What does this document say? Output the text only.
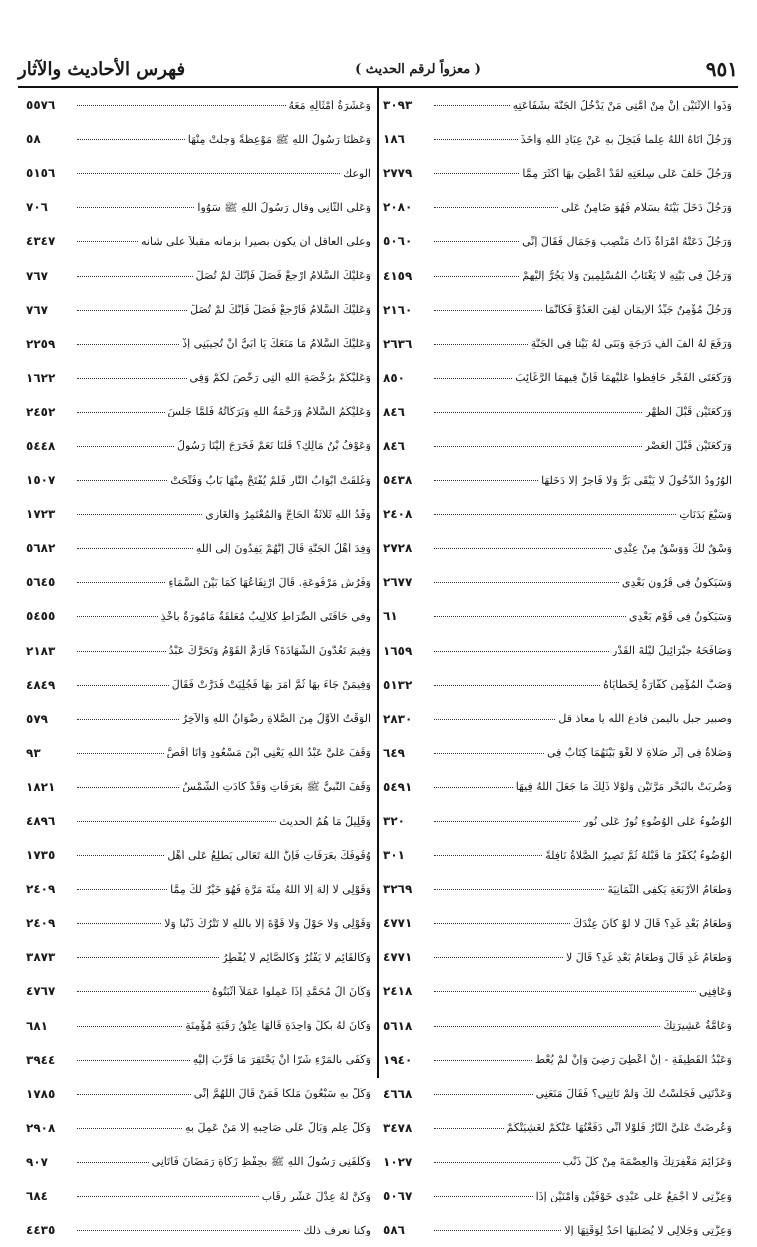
٩٥١
( معزواً لرقم الحديث )
فهرس الأحاديث والآثار
وَذَوا الإثْنَيْنِ إنْ مِنْ أُمَّتِي مَنْ يَدْخُلُ الْجَنَّةَ بِشَفَاعَتِهِ
٣٠٩٣
وَرَجُلٌ آتَاهُ اللَّهُ عِلْماً فَبَخِلَ بِهِ عَنْ عِبَادِ اللَّهِ وَأَخَذَ
١٨٦
وَرَجُلٌ حَلَفَ عَلَى سِلْعَتِهِ لَقَدْ أُعْطِيَ بِهَا أَكْثَرَ مِمَّا
٢٧٧٩
وَرَجُلٌ دَخَلَ بَيْتَهُ بِسَلامٍ فَهُوَ ضَامِنٌ عَلَى
٢٠٨٠
وَرَجُلٌ دَعَتْهُ امْرَأَةٌ ذَاتُ مَنْصِبٍ وَجَمَالٍ فَقَالَ إِنِّي
٥٠٦٠
وَرَجُلٌ فِي بَيْتِهِ لا يَغْتَابُ الْمُسْلِمِينَ وَلا يَجُرُّ إِلَيْهِمْ
٤١٥٩
وَرَجُلٌ مُؤْمِنٌ جَيِّدُ الإِيمَانِ لَقِيَ الْعَدُوَّ فَكَأَنَّمَا
٢١٦٠
وَرَفَعَ لَهُ أَلْفَ أَلْفِ دَرَجَةٍ وَبَنَى لَهُ بَيْتاً فِي الْجَنَّةِ
٢٦٣٦
وَرَكْعَتَي الْفَجْرِ حَافِظُوا عَلَيْهِمَا فَإِنَّ فِيهِمَا الرَّغَائِبَ
٨٥٠
وَرَكْعَتَيْنِ قَبْلَ الظُّهْرِ
٨٤٦
وَرَكْعَتَيْنِ قَبْلَ الْعَصْرِ
٨٤٦
الوُرُودُ الدُّخُولُ لا يَبْقَى بَرٌّ وَلا فَاجِرٌ إِلا دَخَلَهَا
٥٤٣٨
وَسَبْعَ بَدَنَاتٍ
٢٤٠٨
وَسْقٌ لَكَ وَوَسْقٌ مِنْ عِنْدِي
٢٧٢٨
وَسَيَكُونُ فِي قُرُونٍ بَعْدِي
٢٦٧٧
وَسَيَكُونُ فِي قَوْمٍ بَعْدِي
٦١
وَصَافَحَهُ جِبْرَائِيلُ لَيْلَةَ الْقَدْرِ
١٦٥٩
وَصَبُّ الْمُؤْمِنِ كَفَّارَةٌ لِخَطَايَاهُ
٥١٣٢
وصبير جبل باليمن فادع الله يا معاذ قل
٢٨٣٠
وَصَلاةٌ فِي إِثْرِ صَلاةٍ لا لَغْوَ بَيْنَهُمَا كِتَابٌ فِي
٦٤٩
وَضُرِبَتْ بِالْبَحْرِ مَرَّتَيْنِ وَلَوْلا ذَلِكَ مَا جَعَلَ اللَّهُ فِيهَا
٥٤٩١
الْوُضُوءُ عَلَى الْوُضُوءِ نُورٌ عَلَى نُورٍ
٣٢٠
الْوُضُوءُ يُكَفِّرُ مَا قَبْلَهُ ثُمَّ تَصِيرُ الصَّلاةُ نَافِلَةً
٣٠١
وَطَعَامُ الأَرْبَعَةِ يَكْفِي الثَّمَانِيَةَ
٣٢٦٩
وَطَعَامُ بَعْدِ غَدٍ؟ قَالَ لا لَوْ كَانَ عِنْدَكَ
٤٧٧١
وَطَعَامُ غَدٍ قَالَ وَطَعَامُ بَعْدِ غَدٍ؟ قَالَ لا
٤٧٧١
وَعَافِنِي
٢٤١٨
وَعَامَّةُ عَشِيرَتِكَ
٥٦١٨
وَعَبْدُ الْقَطِيفَةِ - إِنْ أُعْطِيَ رَضِيَ وَإِنْ لَمْ يُعْطَ
١٩٤٠
وَعَدْتَنِي فَجَلَسْتُ لَكَ وَلَمْ تَأْتِنِي؟ فَقَالَ مَنَعَنِي
٤٦٦٨
وَعُرِضَتْ عَلَيَّ النَّارُ فَلَوْلا أَنِّي دَفَعْتُهَا عَنْكُمْ لَغَشِيَتْكُمْ
٣٤٧٨
وَعَزَائِمَ مَغْفِرَتِكَ وَالْعِصْمَةَ مِنْ كُلِّ ذَنْبٍ
١٠٢٧
وَعِزَّتِي لا أَجْمَعُ عَلَى عَبْدِي خَوْفَيْنِ وَأَمْنَيْنِ إِذَا
٥٠٦٧
وَعِزَّتِي وَجَلالِي لا يُصَلِّيهَا أَحَدٌ لِوَقْتِهَا إِلا
٥٨٦
وَعَشَرَةُ أَمْثَالِهِ مَعَهُ
٥٥٧٦
وَعَظَنَا رَسُولُ اللَّهِ ﷺ مَوْعِظَةً وَجِلَتْ مِنْهَا
٥٨
الوعك
٥١٥٦
وَعَلَى الثَّانِي وقال رَسُولُ اللَّهِ ﷺ سَوُوا
٧٠٦
وعلى العاقل أن يكون بصيراً بزمانه مقبلاً على شانه
٤٣٤٧
وَعَلَيْكَ السَّلامُ ارْجِعْ فَصَلِّ فَإِنَّكَ لَمْ تُصَلِّ
٧٦٧
وَعَلَيْكَ السَّلامُ فَارْجِعْ فَصَلِّ فَإِنَّكَ لَمْ تُصَلِّ
٧٦٧
وَعَلَيْكَ السَّلامُ مَا مَنَعَكَ يَا أُبَيُّ أَنْ تُجِيبَنِي إِذْ
٢٢٥٩
وَعَلَيْكُمْ بِرُخْصَةِ اللَّهِ الَّتِي رَخَّصَ لَكُمْ وَفِي
١٦٢٢
وَعَلَيْكُمُ السَّلامُ وَرَحْمَةُ اللَّهِ وَبَرَكَاتُهُ فَلَمَّا جَلَسَ
٢٤٥٢
وَعَوْفُ بْنُ مَالِكٍ؟ قُلْنَا نَعَمْ فَخَرَجَ إِلَيْنَا رَسُولُ
٥٤٤٨
وَغُلِّقَتْ أَبْوَابُ النَّارِ فَلَمْ يُفْتَحْ مِنْهَا بَابٌ وَفُتِّحَتْ
١٥٠٧
وَفْدُ اللَّهِ ثَلاثَةٌ الْحَاجُّ وَالْمُعْتَمِرُ وَالْغَازِي
١٧٢٣
وَفِدَ أَهْلُ الْجَنَّةِ قَالَ إِنَّهُمْ يَفِدُونَ إِلَى اللَّهِ
٥٦٨٢
وَفُرُشٍ مَرْفُوعَةٍ. قَالَ ارْتِفَاعُهَا كَمَا بَيْنَ السَّمَاءِ
٥٦٤٥
وفي حَافَتَيِ الصِّرَاطِ كَلالِيبُ مُعَلَّقَةٌ مَأْمُورَةٌ بِأَخْذِ
٥٤٥٥
وَفِيمَ تَعُدُّونَ الشَّهَادَةَ؟ فَأَرَمَّ الْقَوْمُ وَتَحَرَّكَ عَبْدُ
٢١٨٣
وَفِيمَنْ جَاءَ بِهَا ثُمَّ أَمَرَ بِهَا فَجُلِيَتْ فَدَرَّتْ فَقَالَ
٤٨٤٩
الْوَقْتُ الأَوَّلُ مِنَ الصَّلاةِ رِضْوَانُ اللَّهِ وَالآخِرُ
٥٧٩
وَقَفَ عَلَيَّ عَبْدُ اللَّهِ يَعْنِي ابْنَ مَسْعُودٍ وَأَنَا أَقُصُّ
٩٣
وَقَفَ النَّبِيُّ ﷺ بِعَرَفَاتٍ وَقَدْ كَادَتِ الشَّمْسُ
١٨٢١
وَقَلِيلٌ مَا هُمُ الحديث
٤٨٩٦
وُقُوفُكَ بِعَرَفَاتٍ فَإِنَّ اللَّهَ تَعَالَى يَطَّلِعُ عَلَى أَهْلِ
١٧٣٥
وَقَوْلِي لا إِلَهَ إِلا اللَّهُ مِئَةَ مَرَّةٍ فَهُوَ خَيْرٌ لَكَ مِمَّا
٢٤٠٩
وَقَوْلِي وَلا حَوْلَ وَلا قُوَّةَ إِلا بِاللَّهِ لا تَتْرُكُ ذَنْباً وَلا
٢٤٠٩
وَكَالقَائِمِ لا يَفْتُرُ وَكَالصَّائِمِ لا يُفْطِرُ
٣٨٧٣
وَكَانَ آلُ مُحَمَّدٍ إِذَا عَمِلُوا عَمَلاً أَثْبَتُوهُ
٤٧٦٧
وَكَانَ لَهُ بِكُلِّ وَاحِدَةٍ قَالَهَا عِتْقُ رَقَبَةٍ مُؤْمِنَةٍ
٦٨١
وَكَفَى بِالْمَرْءِ شَرّاً أَنْ يَحْتَقِرَ مَا قُرِّبَ إِلَيْهِ
٣٩٤٤
وَكُلٌّ بِهِ سَبْعُونَ مَلَكاً فَمَنْ قَالَ اللَّهُمَّ إِنِّي
١٧٨٥
وَكُلُّ عِلْمٍ وَبَالٌ عَلَى صَاحِبِهِ إِلا مَنْ عَمِلَ بِهِ
٢٩٠٨
وَكَلَّفَنِي رَسُولُ اللَّهِ ﷺ بِحِفْظِ زَكَاةِ رَمَضَانَ فَأَتَانِي
٩٠٧
وَكُنَّ لَهُ عِدْلَ عَشْرِ رِقَابٍ
٦٨٤
وكنا نعرف ذلك
٤٤٣٥
